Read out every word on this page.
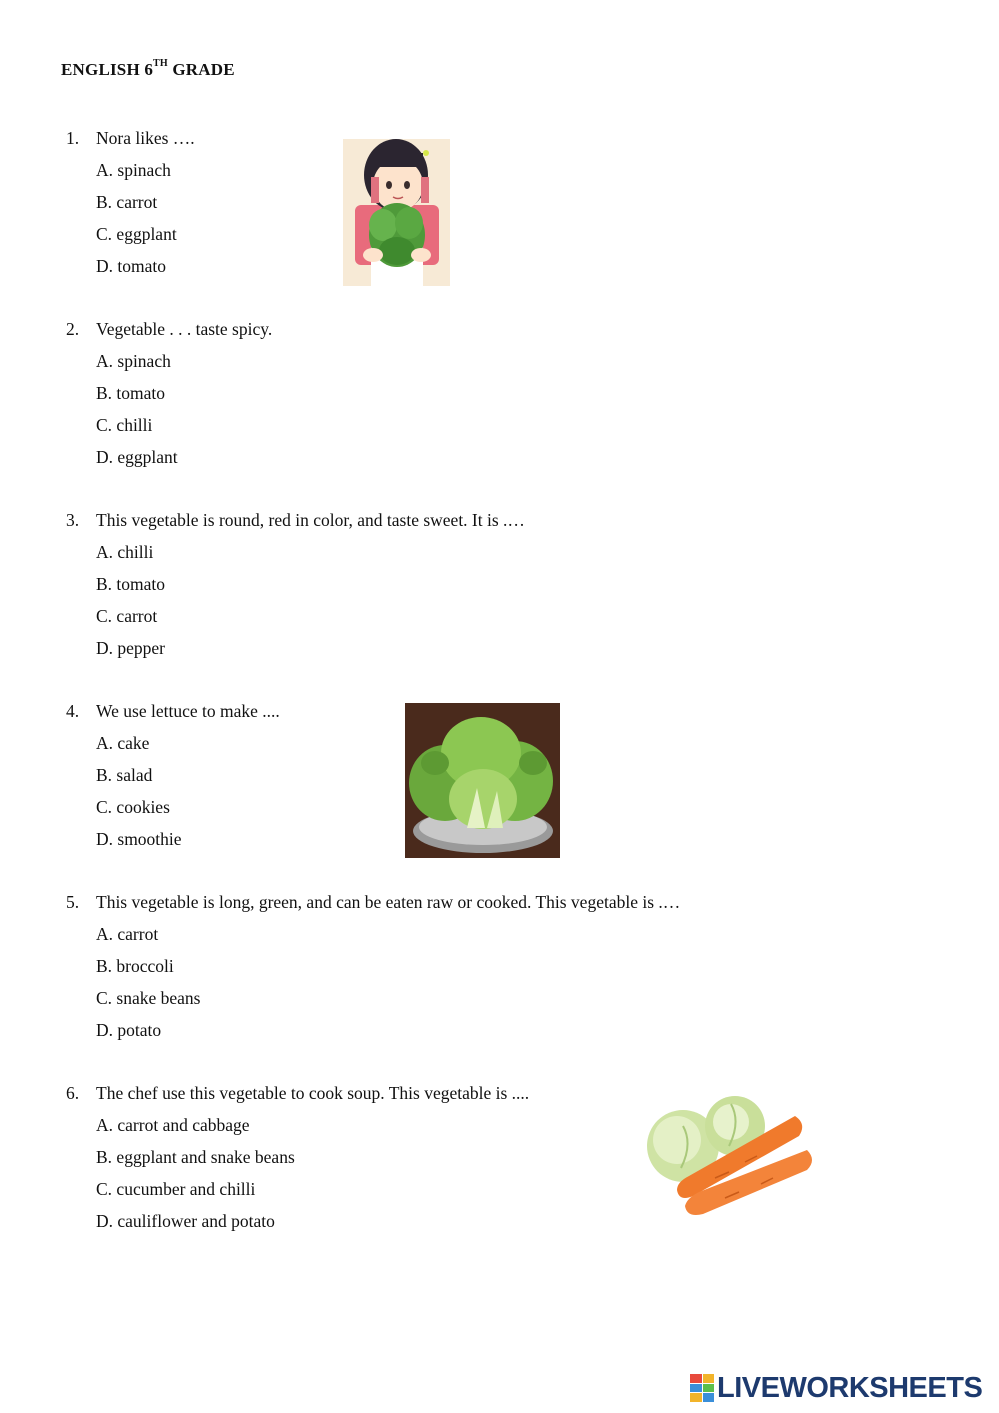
ENGLISH 6TH GRADE
1. Nora likes ….
A. spinach
B. carrot
C. eggplant
D. tomato
2. Vegetable . . . taste spicy.
A. spinach
B. tomato
C. chilli
D. eggplant
3. This vegetable is round, red in color, and taste sweet. It is .…
A. chilli
B. tomato
C. carrot
D. pepper
4. We use lettuce to make ....
A. cake
B. salad
C. cookies
D. smoothie
5. This vegetable is long, green, and can be eaten raw or cooked. This vegetable is .…
A. carrot
B. broccoli
C. snake beans
D. potato
6. The chef use this vegetable to cook soup. This vegetable is ....
A. carrot and cabbage
B. eggplant and snake beans
C. cucumber and chilli
D. cauliflower and potato
LIVEWORKSHEETS
